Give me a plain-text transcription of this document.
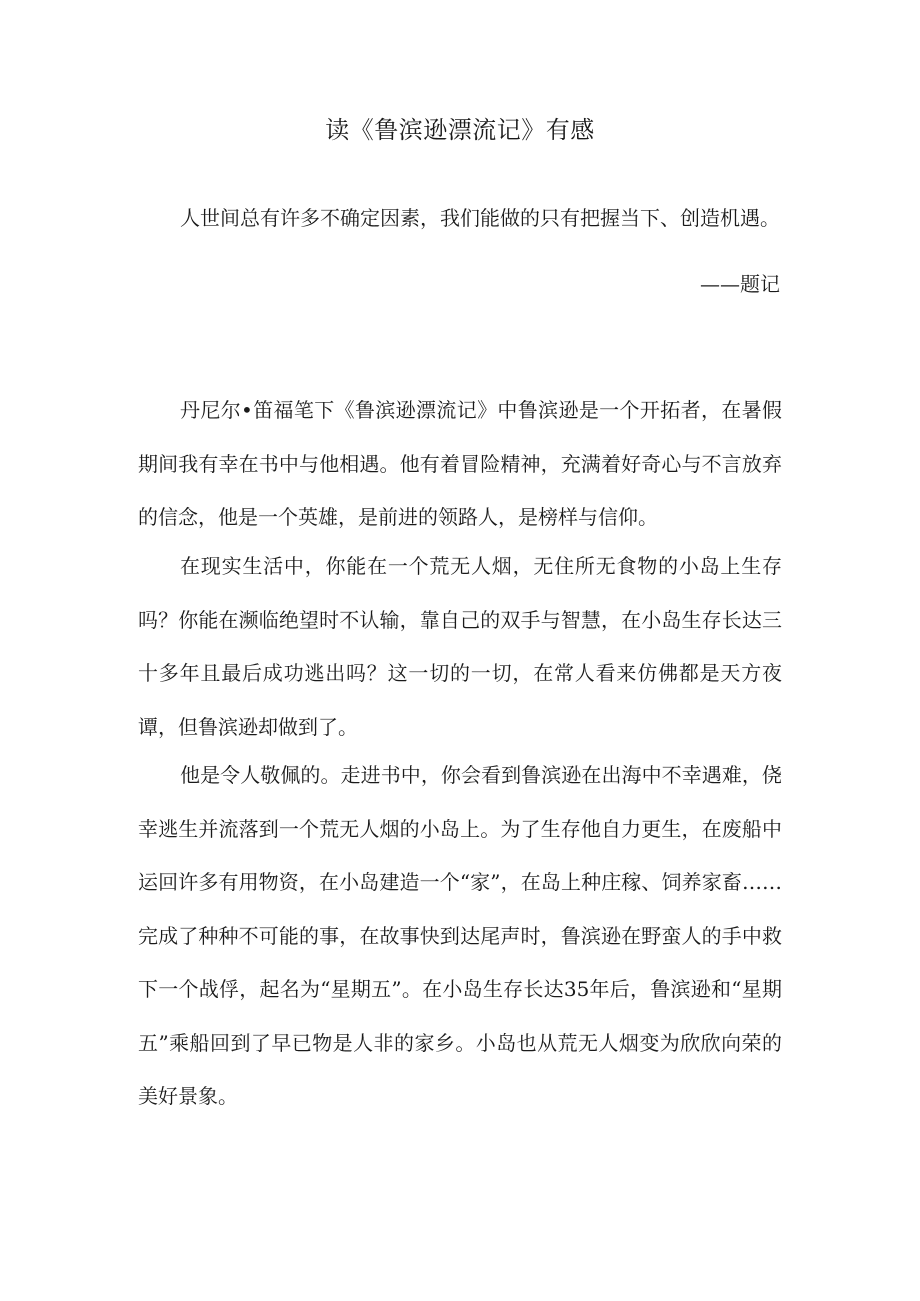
读《鲁滨逊漂流记》有感
人世间总有许多不确定因素，我们能做的只有把握当下、创造机遇。
——题记

丹尼尔•笛福笔下《鲁滨逊漂流记》中鲁滨逊是一个开拓者，在暑假期间我有幸在书中与他相遇。他有着冒险精神，充满着好奇心与不言放弃的信念，他是一个英雄，是前进的领路人，是榜样与信仰。

在现实生活中，你能在一个荒无人烟，无住所无食物的小岛上生存吗？你能在濒临绝望时不认输，靠自己的双手与智慧，在小岛生存长达三十多年且最后成功逃出吗？这一切的一切，在常人看来仿佛都是天方夜谭，但鲁滨逊却做到了。

他是令人敬佩的。走进书中，你会看到鲁滨逊在出海中不幸遇难，侥幸逃生并流落到一个荒无人烟的小岛上。为了生存他自力更生，在废船中运回许多有用物资，在小岛建造一个“家”，在岛上种庄稼、饲养家畜……完成了种种不可能的事，在故事快到达尾声时，鲁滨逊在野蛮人的手中救下一个战俘，起名为“星期五”。在小岛生存长达35年后，鲁滨逊和“星期五”乘船回到了早已物是人非的家乡。小岛也从荒无人烟变为欣欣向荣的美好景象。
